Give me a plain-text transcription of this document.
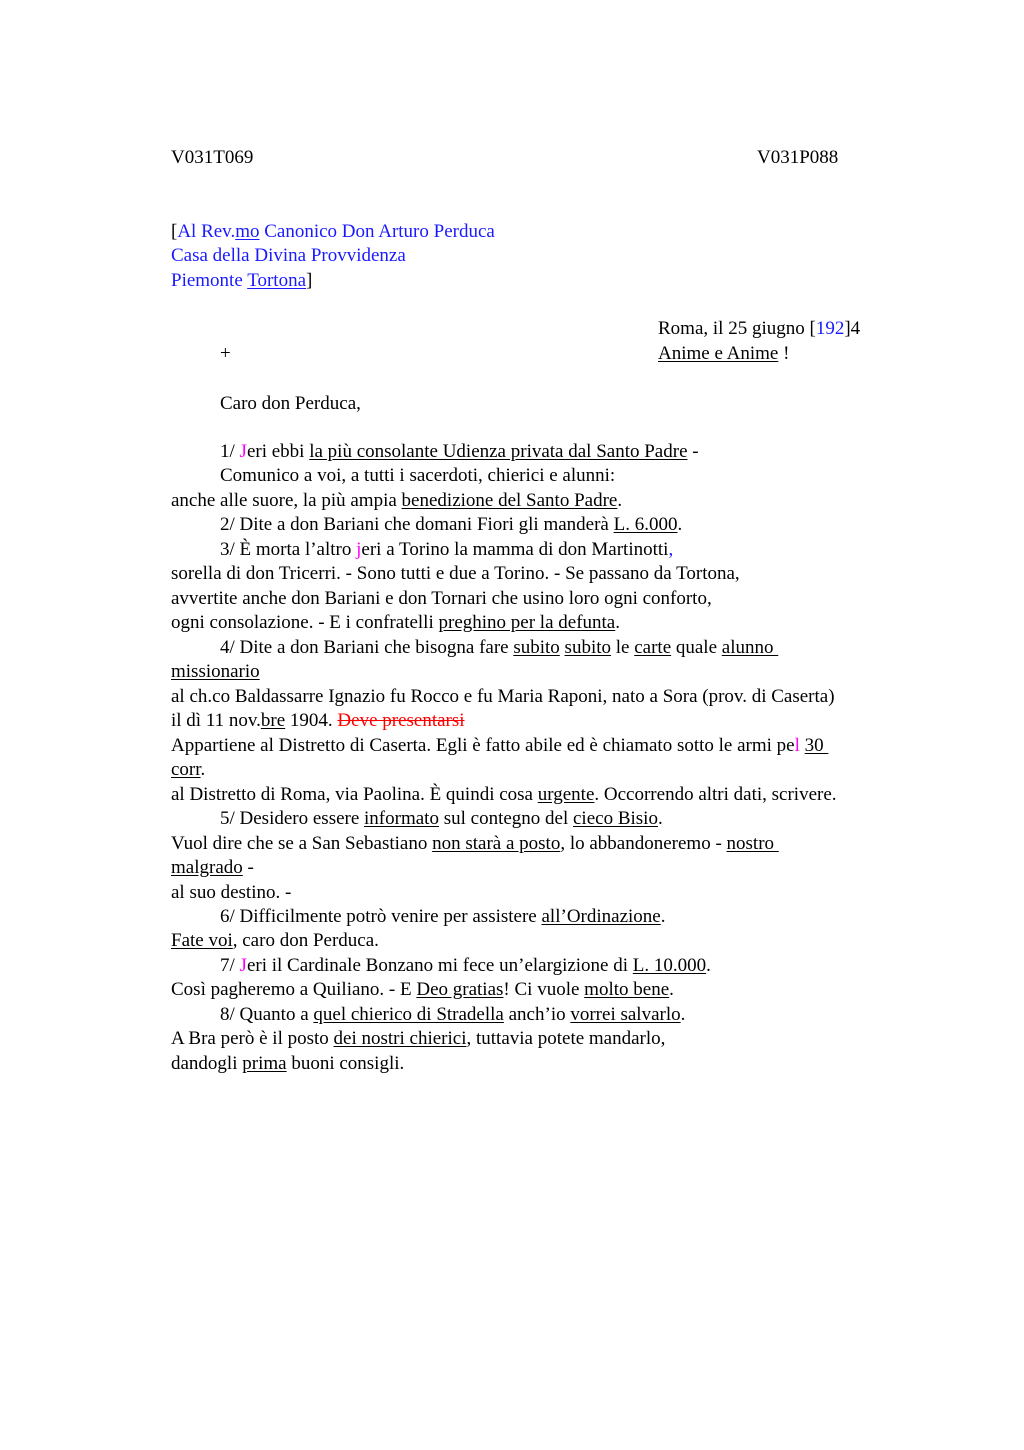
V031T069	V031P088
[Al Rev.mo Canonico Don Arturo Perduca
Casa della Divina Provvidenza
Piemonte Tortona]
Roma, il 25 giugno [192]4
+	Anime e Anime !
Caro don Perduca,
1/ Jeri ebbi la più consolante Udienza privata dal Santo Padre -
Comunico a voi, a tutti i sacerdoti, chierici e alunni:
anche alle suore, la più ampia benedizione del Santo Padre.
2/ Dite a don Bariani che domani Fiori gli manderà L. 6.000.
3/ È morta l’altro jeri a Torino la mamma di don Martinotti,
sorella di don Tricerri. - Sono tutti e due a Torino. - Se passano da Tortona,
avvertite anche don Bariani e don Tornari che usino loro ogni conforto,
ogni consolazione. - E i confratelli preghino per la defunta.
4/ Dite a don Bariani che bisogna fare subito subito le carte quale alunno
missionario
al ch.co Baldassarre Ignazio fu Rocco e fu Maria Raponi, nato a Sora (prov. di Caserta)
il dì 11 nov.bre 1904. Deve presentarsi
Appartiene al Distretto di Caserta. Egli è fatto abile ed è chiamato sotto le armi pel 30
corr.
al Distretto di Roma, via Paolina. È quindi cosa urgente. Occorrendo altri dati, scrivere.
5/ Desidero essere informato sul contegno del cieco Bisio.
Vuol dire che se a San Sebastiano non starà a posto, lo abbandoneremo - nostro
malgrado -
al suo destino. -
6/ Difficilmente potrò venire per assistere all’Ordinazione.
Fate voi, caro don Perduca.
7/ Jeri il Cardinale Bonzano mi fece un’elargizione di L. 10.000.
Così pagheremo a Quiliano. - E Deo gratias! Ci vuole molto bene.
8/ Quanto a quel chierico di Stradella anch’io vorrei salvarlo.
A Bra però è il posto dei nostri chierici, tuttavia potete mandarlo,
dandogli prima buoni consigli.
